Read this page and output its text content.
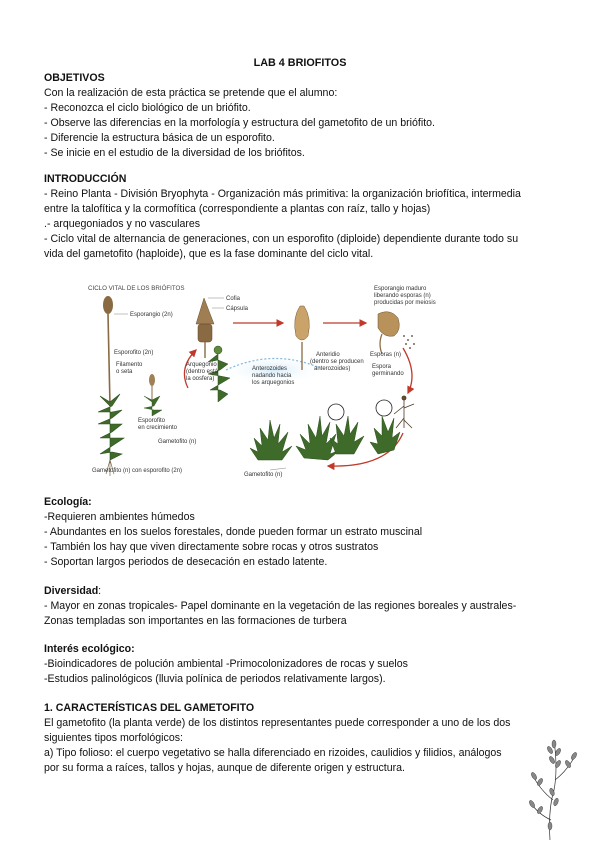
LAB 4 BRIOFITOS
OBJETIVOS
Con la realización de esta práctica se pretende que el alumno:
- Reconozca el ciclo biológico de un briófito.
- Observe las diferencias en la morfología y estructura del gametofito de un briófito.
- Diferencie la estructura básica de un esporofito.
- Se inicie en el estudio de la diversidad de los briófitos.
INTRODUCCIÓN
- Reino Planta - División Bryophyta - Organización más primitiva: la organización briofítica, intermedia
entre la talofítica y la cormofítica (correspondiente a plantas con raíz, tallo y hojas)
.- arquegoniados y no vasculares
- Ciclo vital de alternancia de generaciones, con un esporofito (diploide) dependiente durante todo su
vida del gametofito (haploide), que es la fase dominante del ciclo vital.
CICLO VITAL DE LOS BRIÓFITOS
Esporangio (2n)
Esporofito (2n)
Filamento
o seta
Gametofito (n)
Gametofito (n) con esporofito (2n)
Cofia
Cápsula
Esporangio maduro
liberando esporas (n)
producidas por meiosis
Esporas (n)
Espora
germinando
Arquegonio
(dentro está
la oosfera)
Esporofito
en crecimiento
Anterozoides
nadando hacia
los arquegonios
Anteridio
(dentro se producen
anterozoides)
Gametofito (n)
Ecología:
-Requieren ambientes húmedos
- Abundantes en los suelos forestales, donde pueden formar un estrato muscinal
- También los hay que viven directamente sobre rocas y otros sustratos
- Soportan largos periodos de desecación en estado latente.
Diversidad:
- Mayor en zonas tropicales- Papel dominante en la vegetación de las regiones boreales y australes-
Zonas templadas son importantes en las formaciones de turbera
Interés ecológico:
-Bioindicadores de polución ambiental -Primocolonizadores de rocas y suelos
-Estudios palinológicos (lluvia polínica de periodos relativamente largos).
1. CARACTERÍSTICAS DEL GAMETOFITO
El gametofito (la planta verde) de los distintos representantes puede corresponder a uno de los dos
siguientes tipos morfológicos:
a) Tipo folioso: el cuerpo vegetativo se halla diferenciado en rizoides, caulidios y filidios, análogos
por su forma a raíces, tallos y hojas, aunque de diferente origen y estructura.
